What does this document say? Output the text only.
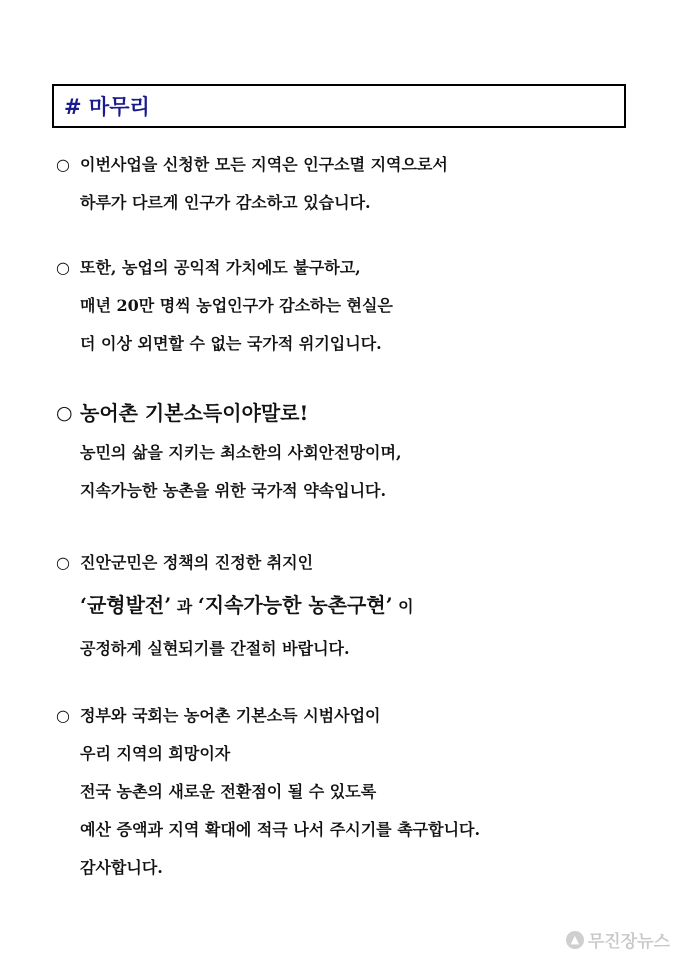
# 마무리
○ 이번사업을 신청한 모든 지역은 인구소멸 지역으로서
하루가 다르게 인구가 감소하고 있습니다.
○ 또한, 농업의 공익적 가치에도 불구하고,
매년 20만 명씩 농업인구가 감소하는 현실은
더 이상 외면할 수 없는 국가적 위기입니다.
○ 농어촌 기본소득이야말로!
농민의 삶을 지키는 최소한의 사회안전망이며,
지속가능한 농촌을 위한 국가적 약속입니다.
○ 진안군민은 정책의 진정한 취지인
‘균형발전’ 과 ‘지속가능한 농촌구현’ 이
공정하게 실현되기를 간절히 바랍니다.
○ 정부와 국회는 농어촌 기본소득 시범사업이
우리 지역의 희망이자
전국 농촌의 새로운 전환점이 될 수 있도록
예산 증액과 지역 확대에 적극 나서 주시기를 촉구합니다.
감사합니다.
▲ 무진장뉴스
